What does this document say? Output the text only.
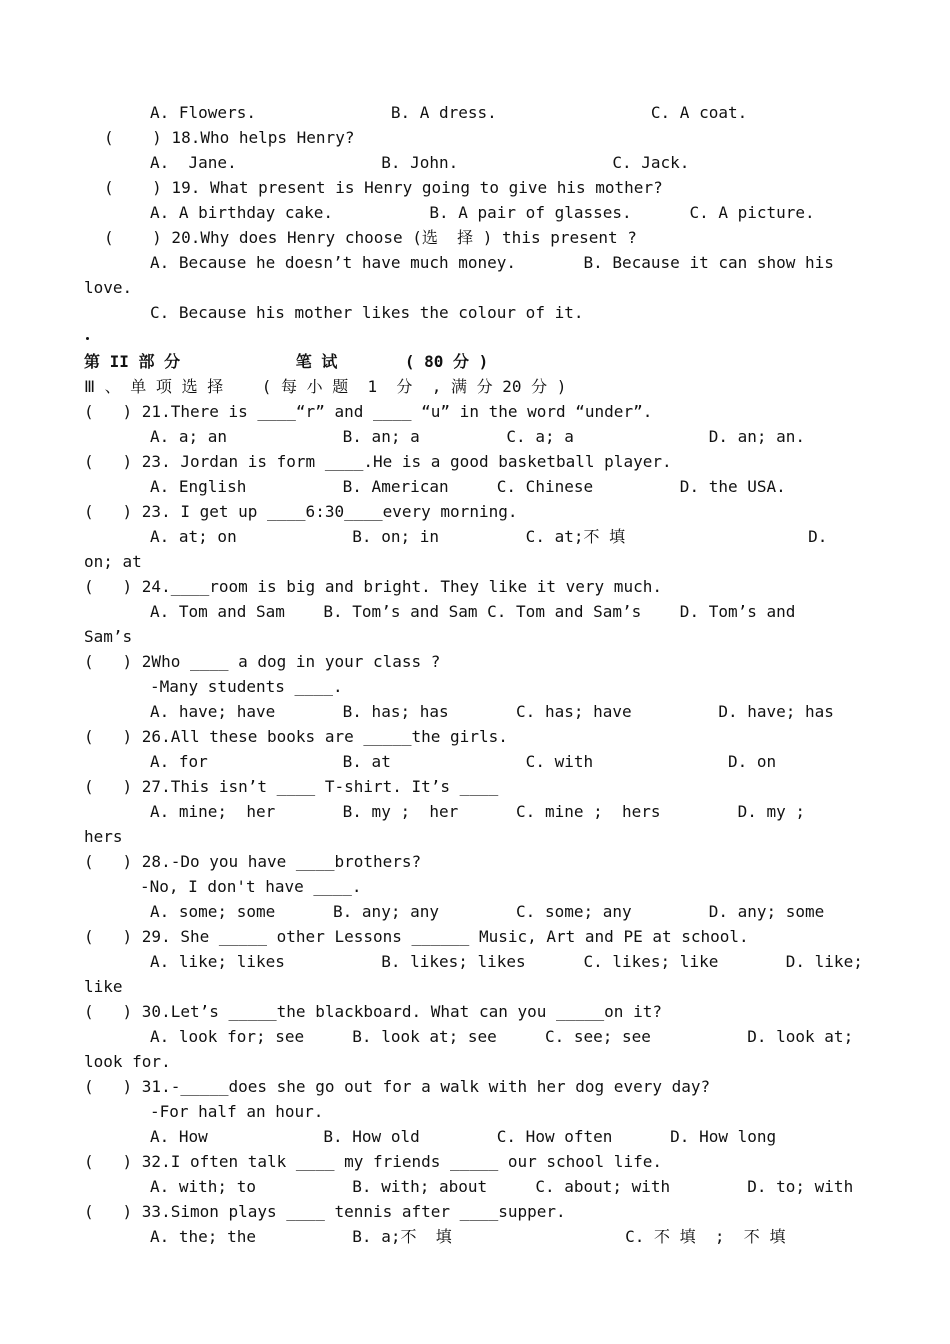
A. Flowers.              B. A dress.                C. A coat.
(    ) 18.Who helps Henry?
A.  Jane.               B. John.                C. Jack.
(    ) 19. What present is Henry going to give his mother?
A. A birthday cake.          B. A pair of glasses.      C. A picture.
(    ) 20.Why does Henry choose (选  择 ) this present ?
A. Because he doesn’t have much money.       B. Because it can show his
love.
C. Because his mother likes the colour of it.
第 II 部 分            笔 试       ( 80 分 )
Ⅲ 、 单 项 选 择    ( 每 小 题  1  分  , 满 分 20 分 )
(   ) 21.There is ____“r” and ____ “u” in the word “under”.
A. a; an            B. an; a         C. a; a              D. an; an.
(   ) 23. Jordan is form ____.He is a good basketball player.
A. English          B. American     C. Chinese         D. the USA.
(   ) 23. I get up ____6:30____every morning.
A. at; on            B. on; in         C. at;不 填                   D.
on; at
(   ) 24.____room is big and bright. They like it very much.
A. Tom and Sam    B. Tom’s and Sam C. Tom and Sam’s    D. Tom’s and
Sam’s
(   ) 2Who ____ a dog in your class ?
-Many students ____.
A. have; have       B. has; has       C. has; have         D. have; has
(   ) 26.All these books are _____the girls.
A. for              B. at              C. with              D. on
(   ) 27.This isn’t ____ T-shirt. It’s ____
A. mine;  her       B. my ;  her      C. mine ;  hers        D. my ;
hers
(   ) 28.-Do you have ____brothers?
-No, I don't have ____.
A. some; some      B. any; any        C. some; any        D. any; some
(   ) 29. She _____ other Lessons ______ Music, Art and PE at school.
A. like; likes          B. likes; likes      C. likes; like       D. like;
like
(   ) 30.Let’s _____the blackboard. What can you _____on it?
A. look for; see     B. look at; see     C. see; see          D. look at;
look for.
(   ) 31.-_____does she go out for a walk with her dog every day?
-For half an hour.
A. How            B. How old        C. How often      D. How long
(   ) 32.I often talk ____ my friends _____ our school life.
A. with; to          B. with; about     C. about; with        D. to; with
(   ) 33.Simon plays ____ tennis after ____supper.
A. the; the          B. a;不  填                  C. 不 填  ;  不 填
